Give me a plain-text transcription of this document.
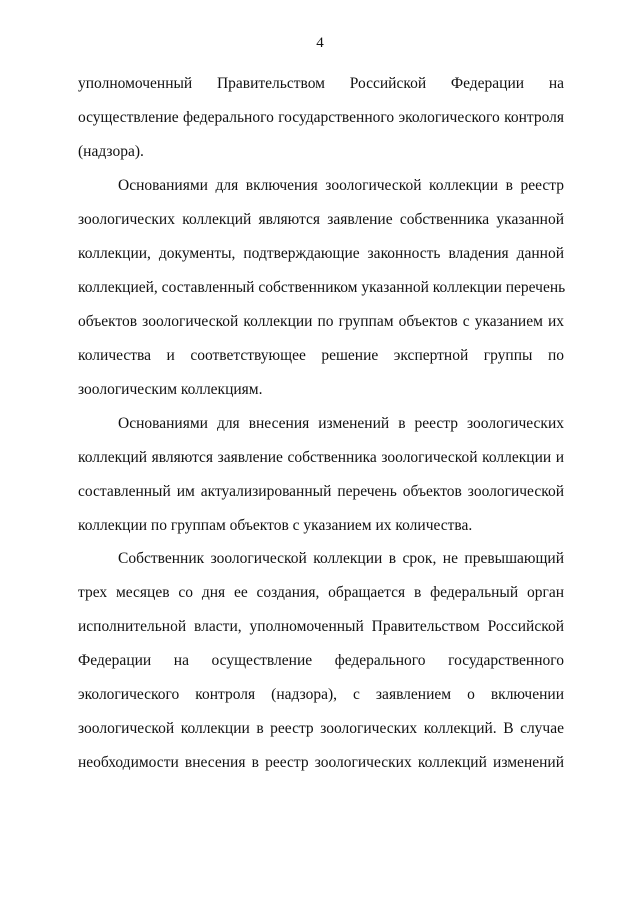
4
уполномоченный Правительством Российской Федерации на
осуществление федерального государственного экологического контроля
(надзора).
Основаниями для включения зоологической коллекции в реестр
зоологических коллекций являются заявление собственника указанной
коллекции, документы, подтверждающие законность владения данной
коллекцией, составленный собственником указанной коллекции перечень
объектов зоологической коллекции по группам объектов с указанием их
количества и соответствующее решение экспертной группы по
зоологическим коллекциям.
Основаниями для внесения изменений в реестр зоологических
коллекций являются заявление собственника зоологической коллекции и
составленный им актуализированный перечень объектов зоологической
коллекции по группам объектов с указанием их количества.
Собственник зоологической коллекции в срок, не превышающий
трех месяцев со дня ее создания, обращается в федеральный орган
исполнительной власти, уполномоченный Правительством Российской
Федерации на осуществление федерального государственного
экологического контроля (надзора), с заявлением о включении
зоологической коллекции в реестр зоологических коллекций. В случае
необходимости внесения в реестр зоологических коллекций изменений
